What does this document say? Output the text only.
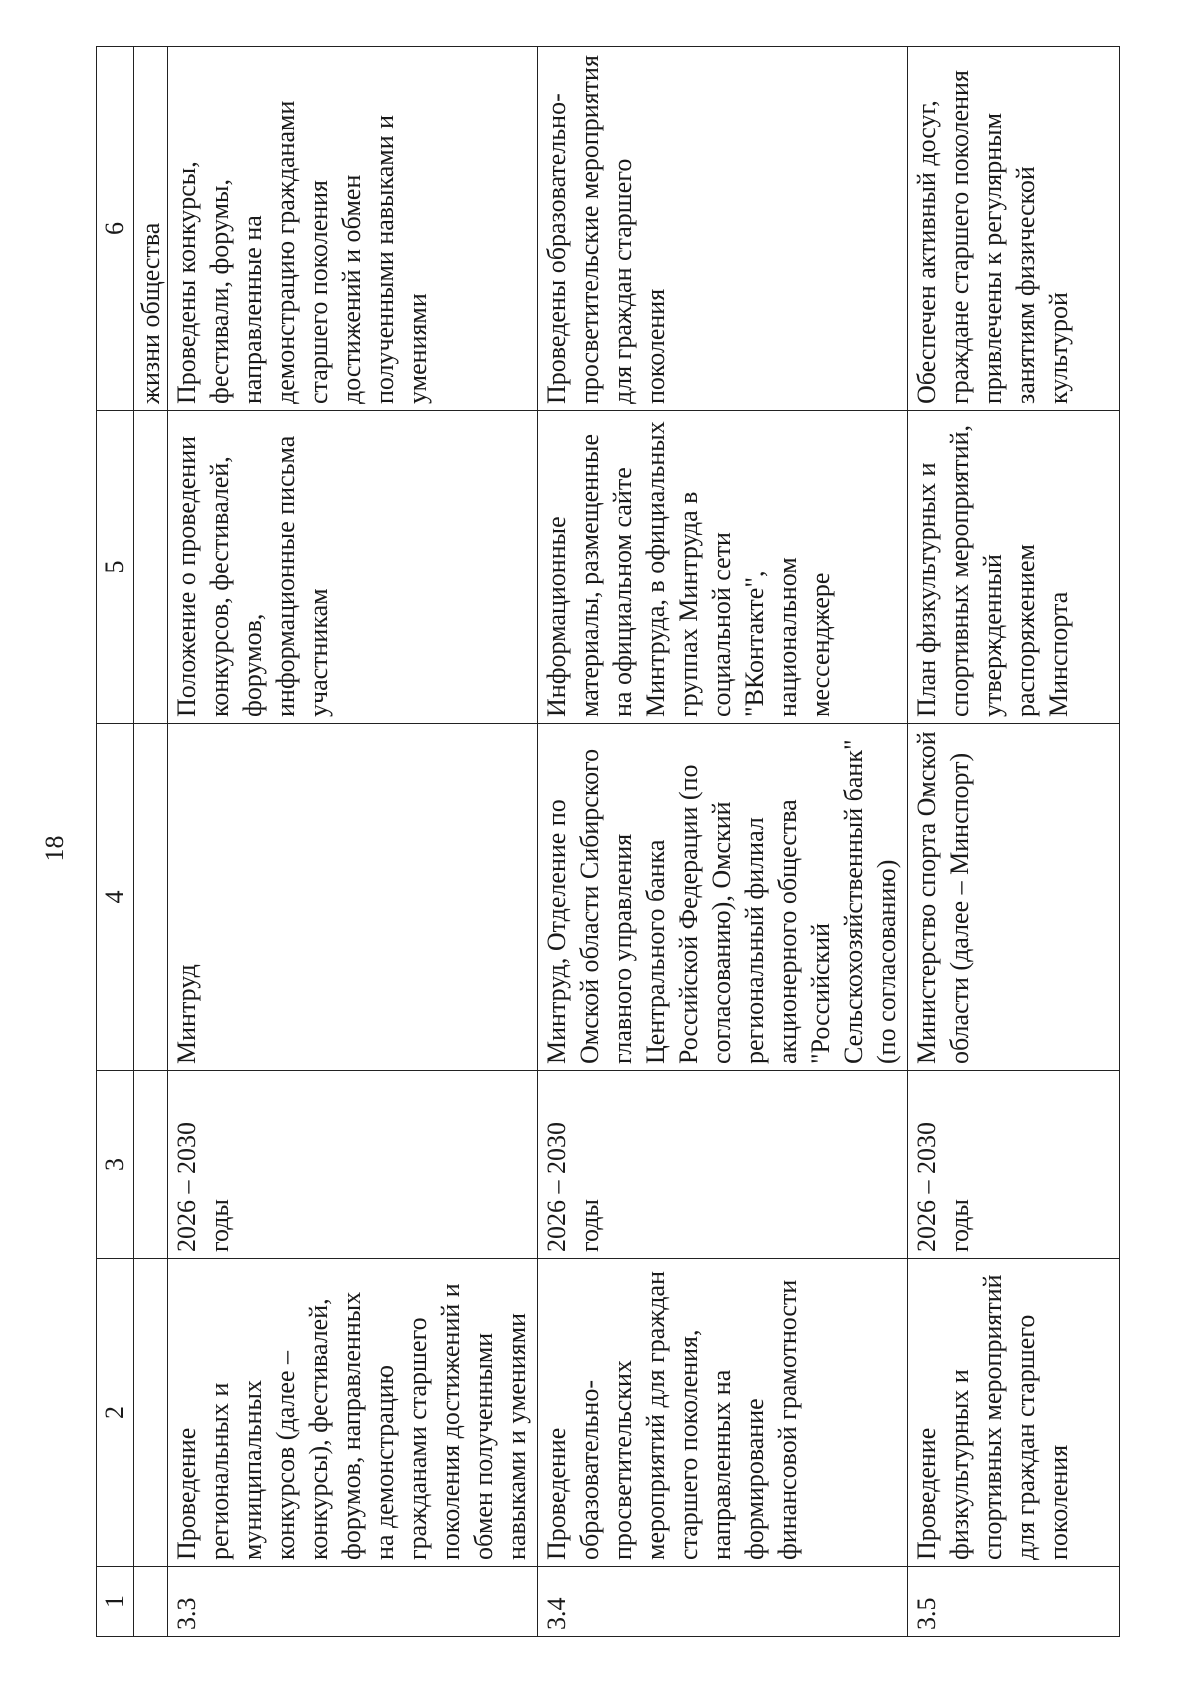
18
1	2	3	4	5	6
					жизни общества
3.3	Проведение региональных и муниципальных конкурсов (далее – конкурсы), фестивалей, форумов, направленных на демонстрацию гражданами старшего поколения достижений и обмен полученными навыками и умениями	2026 – 2030 годы	Минтруд	Положение о проведении конкурсов, фестивалей, форумов, информационные письма участникам	Проведены конкурсы, фестивали, форумы, направленные на демонстрацию гражданами старшего поколения достижений и обмен полученными навыками и умениями
3.4	Проведение образовательно-просветительских мероприятий для граждан старшего поколения, направленных на формирование финансовой грамотности	2026 – 2030 годы	Минтруд, Отделение по Омской области Сибирского главного управления Центрального банка Российской Федерации (по согласованию), Омский региональный филиал акционерного общества "Российский Сельскохозяйственный банк" (по согласованию)	Информационные материалы, размещенные на официальном сайте Минтруда, в официальных группах Минтруда в социальной сети "ВКонтакте", национальном мессенджере	Проведены образовательно-просветительские мероприятия для граждан старшего поколения
3.5	Проведение физкультурных и спортивных мероприятий для граждан старшего поколения	2026 – 2030 годы	Министерство спорта Омской области (далее – Минспорт)	План физкультурных и спортивных мероприятий, утвержденный распоряжением Минспорта	Обеспечен активный досуг, граждане старшего поколения привлечены к регулярным занятиям физической культурой
